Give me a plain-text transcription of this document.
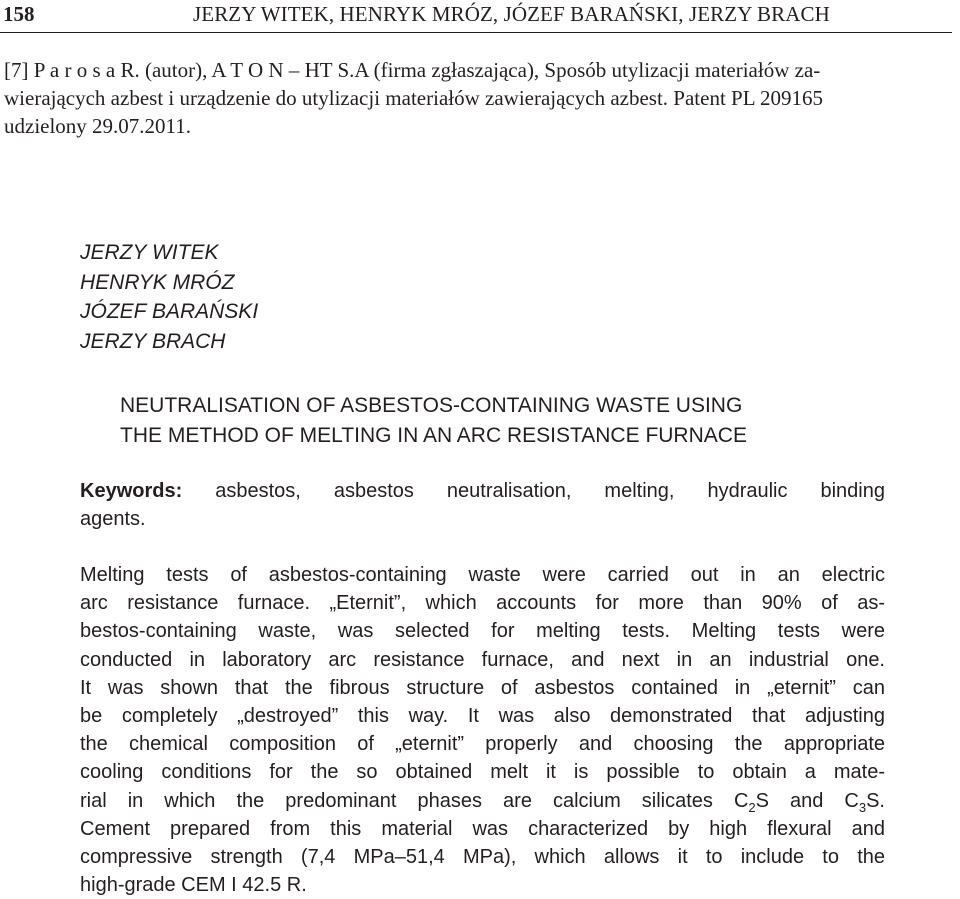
158	JERZY WITEK, HENRYK MRÓZ, JÓZEF BARAŃSKI, JERZY BRACH
[7] P a r o s a R. (autor), A T O N – HT S.A (firma zgłaszająca), Sposób utylizacji materiałów za-
wierających azbest i urządzenie do utylizacji materiałów zawierających azbest. Patent PL 209165
udzielony 29.07.2011.
JERZY WITEK
HENRYK MRÓZ
JÓZEF BARAŃSKI
JERZY BRACH
NEUTRALISATION OF ASBESTOS-CONTAINING WASTE USING
THE METHOD OF MELTING IN AN ARC RESISTANCE FURNACE
Keywords: asbestos, asbestos neutralisation, melting, hydraulic binding
agents.
Melting tests of asbestos-containing waste were carried out in an electric
arc resistance furnace. „Eternit”, which accounts for more than 90% of as-
bestos-containing waste, was selected for melting tests. Melting tests were
conducted in laboratory arc resistance furnace, and next in an industrial one.
It was shown that the fibrous structure of asbestos contained in „eternit” can
be completely „destroyed” this way. It was also demonstrated that adjusting
the chemical composition of „eternit” properly and choosing the appropriate
cooling conditions for the so obtained melt it is possible to obtain a mate-
rial in which the predominant phases are calcium silicates $C_2S$ and $C_3S$.
Cement prepared from this material was characterized by high flexural and
compressive strength (7,4 MPa–51,4 MPa), which allows it to include to the
high-grade CEM I 42.5 R.
